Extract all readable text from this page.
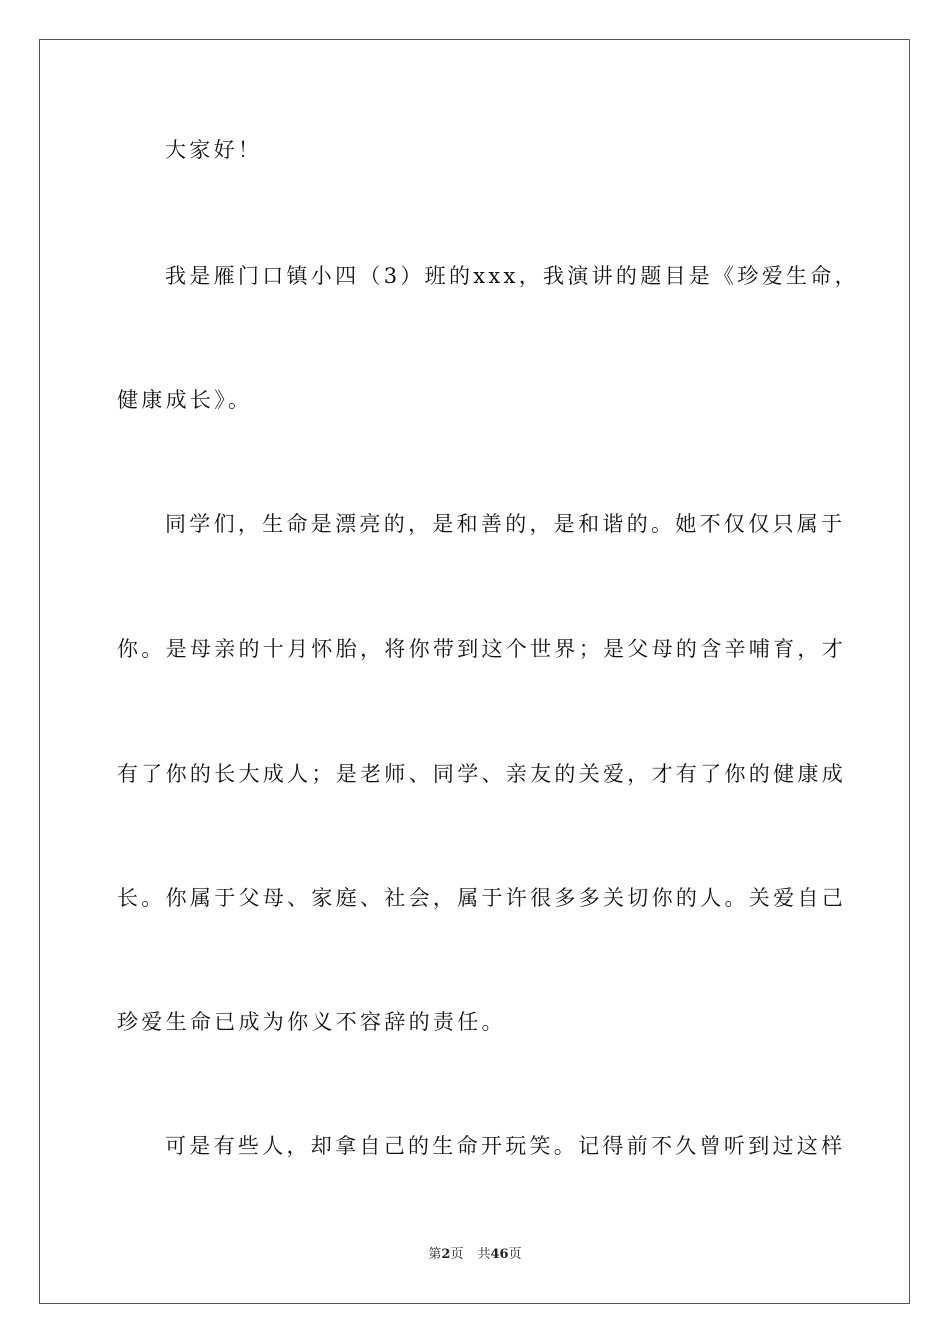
大家好！
我是雁门口镇小四（3）班的xxx，我演讲的题目是《珍爱生命，
健康成长》。
同学们，生命是漂亮的，是和善的，是和谐的。她不仅仅只属于
你。是母亲的十月怀胎，将你带到这个世界；是父母的含辛哺育，才
有了你的长大成人；是老师、同学、亲友的关爱，才有了你的健康成
长。你属于父母、家庭、社会，属于许很多多关切你的人。关爱自己
珍爱生命已成为你义不容辞的责任。
可是有些人，却拿自己的生命开玩笑。记得前不久曾听到过这样
第2页 共46页
